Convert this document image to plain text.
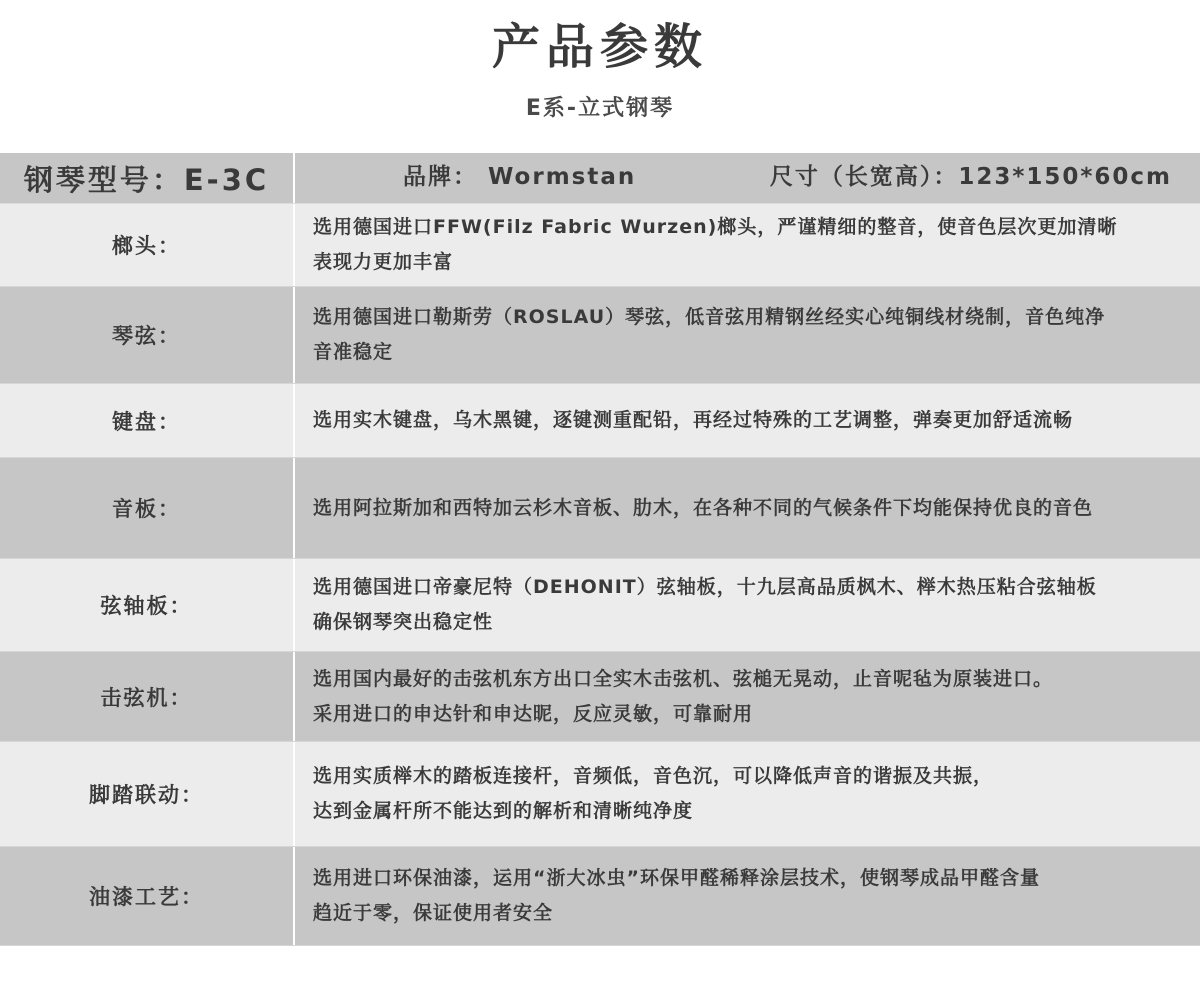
产品参数
E系-立式钢琴
钢琴型号：E-3C	品牌： Wormstan	尺寸（长宽高）：123*150*60cm
榔头：
选用德国进口FFW(Filz Fabric Wurzen)榔头，严谨精细的整音，使音色层次更加清晰
表现力更加丰富
琴弦：
选用德国进口勒斯劳（ROSLAU）琴弦，低音弦用精钢丝经实心纯铜线材绕制，音色纯净
音准稳定
键盘：	选用实木键盘，乌木黑键，逐键测重配铅，再经过特殊的工艺调整，弹奏更加舒适流畅
音板：	选用阿拉斯加和西特加云杉木音板、肋木，在各种不同的气候条件下均能保持优良的音色
弦轴板：
选用德国进口帝豪尼特（DEHONIT）弦轴板，十九层高品质枫木、榉木热压粘合弦轴板
确保钢琴突出稳定性
击弦机：
选用国内最好的击弦机东方出口全实木击弦机、弦槌无晃动，止音呢毡为原装进口。
采用进口的申达针和申达昵，反应灵敏，可靠耐用
脚踏联动：
选用实质榉木的踏板连接杆，音频低，音色沉，可以降低声音的谐振及共振，
达到金属杆所不能达到的解析和清晰纯净度
油漆工艺：
选用进口环保油漆，运用“浙大冰虫”环保甲醛稀释涂层技术，使钢琴成品甲醛含量
趋近于零，保证使用者安全
